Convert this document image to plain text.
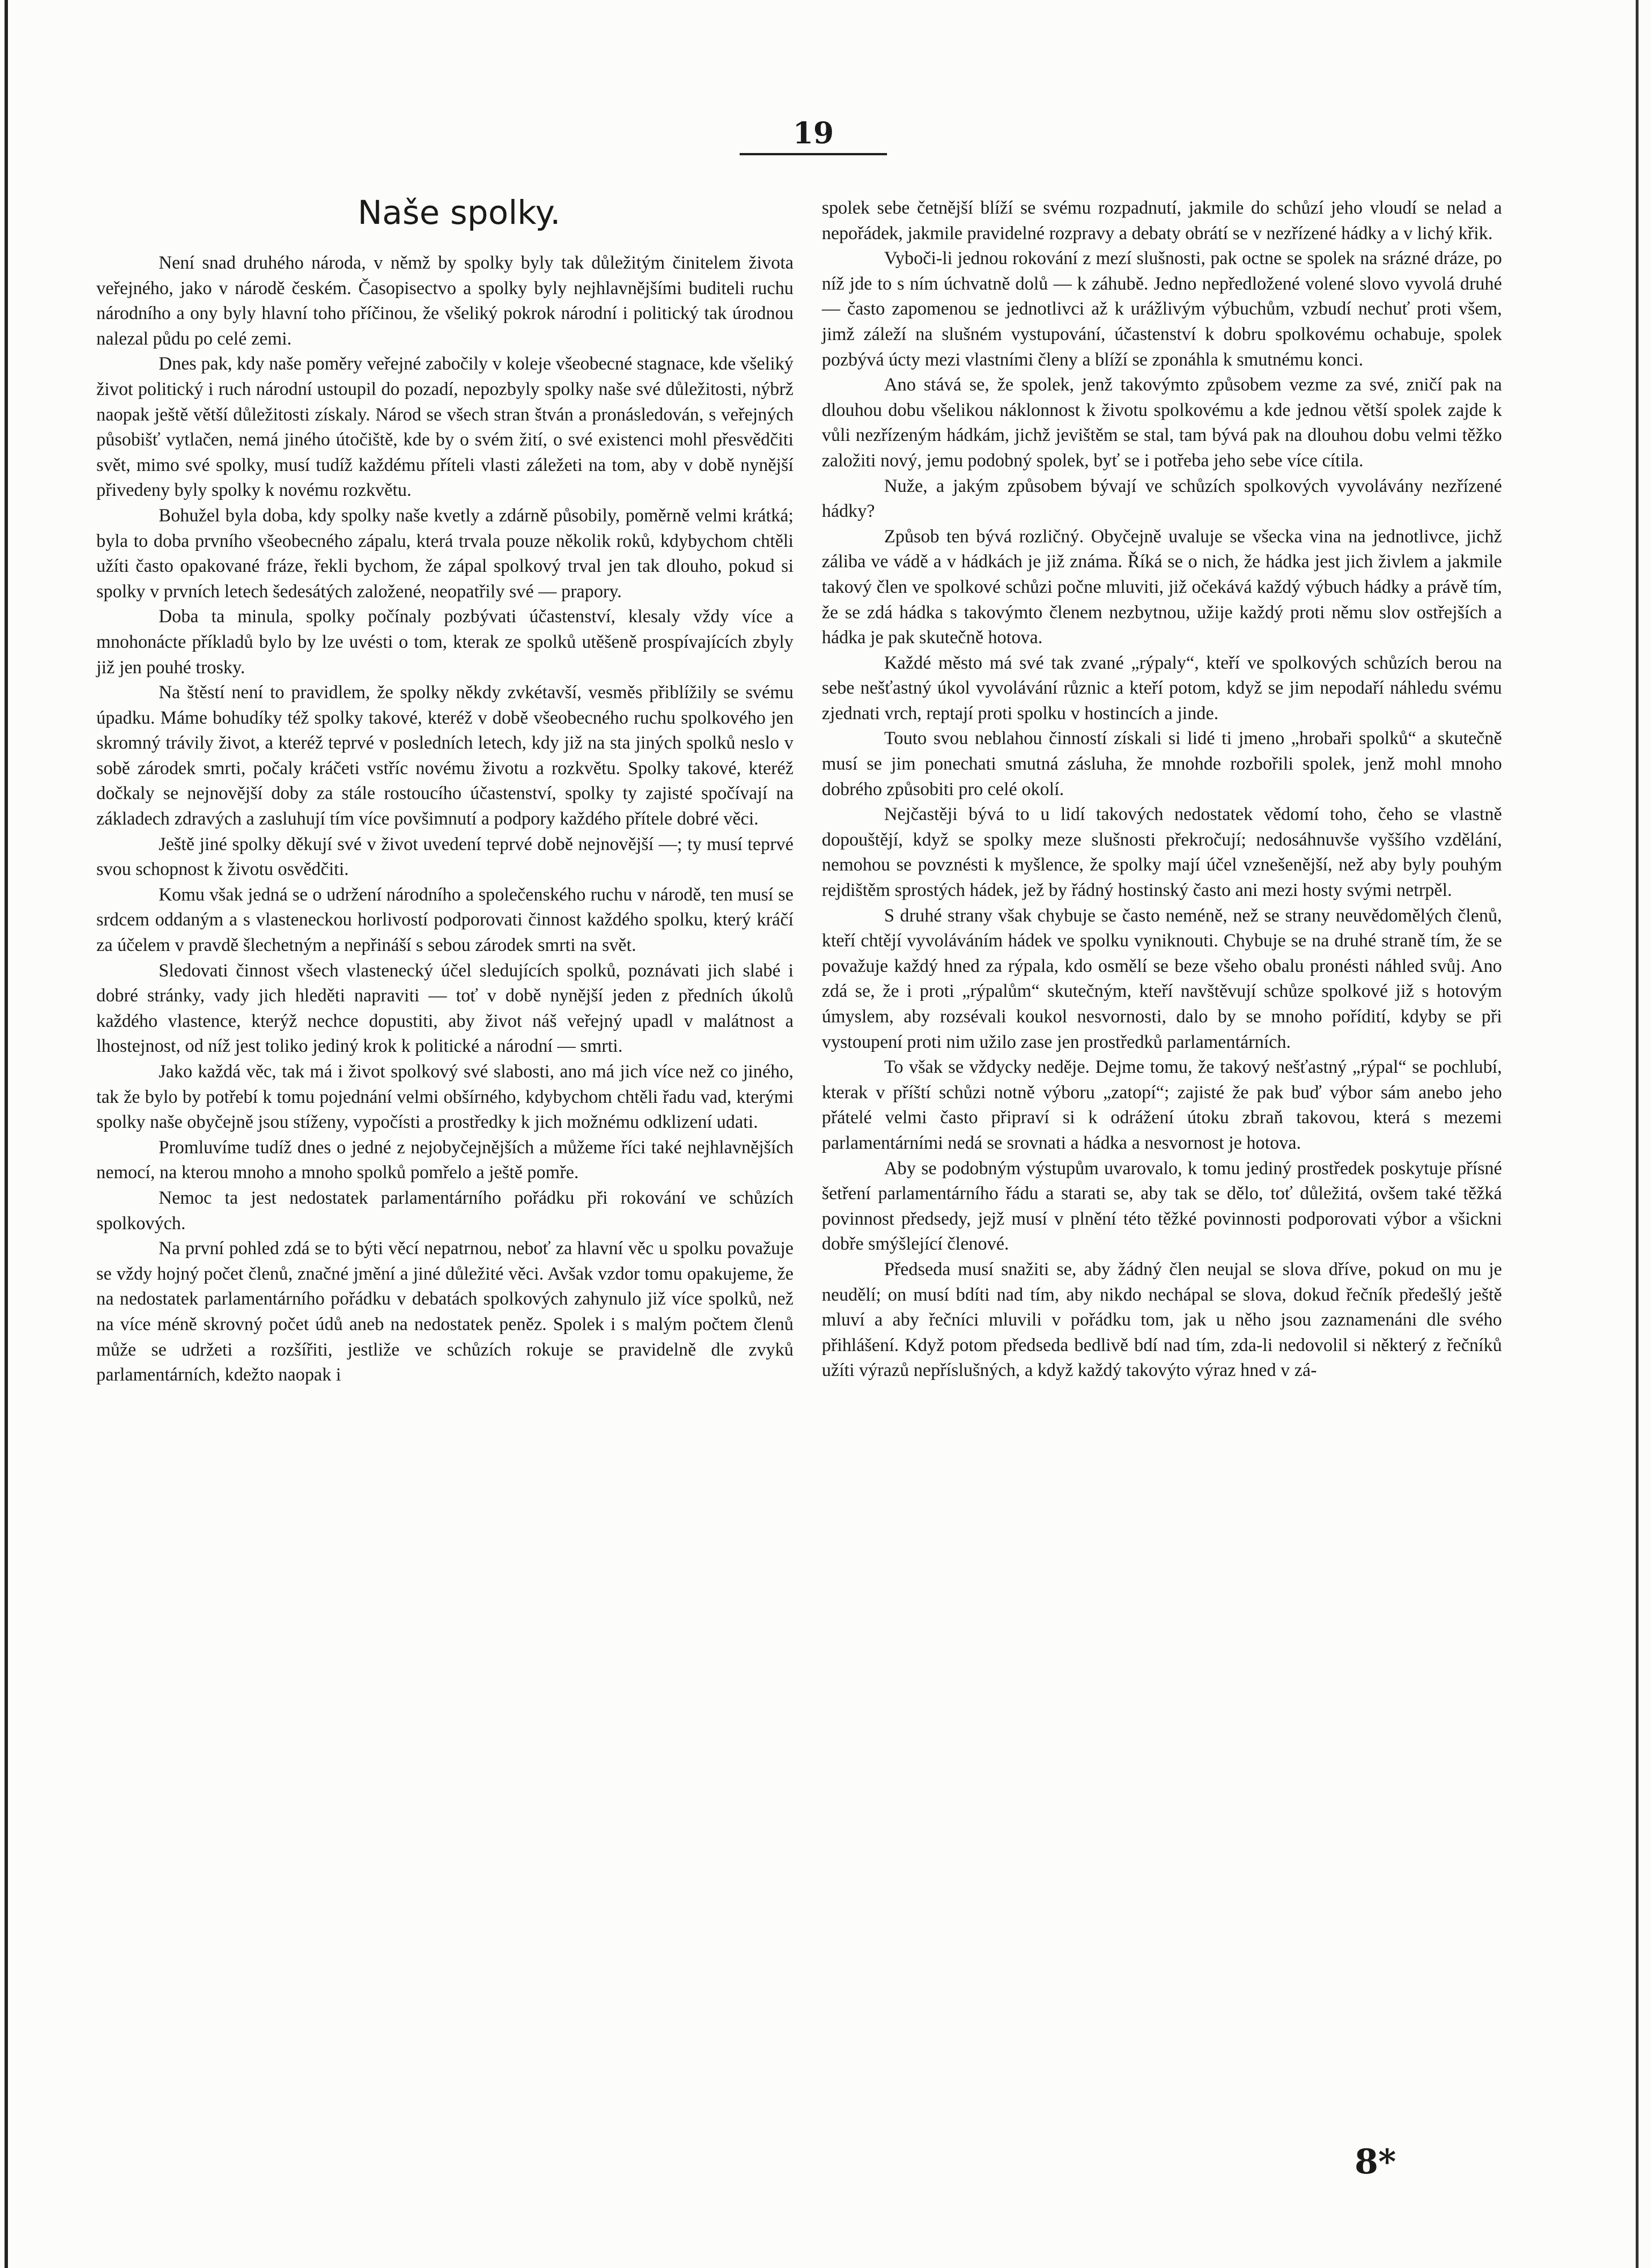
19
Naše spolky.

Není snad druhého národa, v němž by spolky byly tak důležitým činitelem života veřejného, jako v národě českém. Časopisectvo a spolky byly nejhlavnějšími buditeli ruchu národního a ony byly hlavní toho příčinou, že všeliký pokrok národní i politický tak úrodnou nalezal půdu po celé zemi.

Dnes pak, kdy naše poměry veřejné zabočily v koleje všeobecné stagnace, kde všeliký život politický i ruch národní ustoupil do pozadí, nepozbyly spolky naše své důležitosti, nýbrž naopak ještě větší důležitosti získaly. Národ se všech stran štván a pronásledován, s veřejných působišť vytlačen, nemá jiného útočiště, kde by o svém žití, o své existenci mohl přesvědčiti svět, mimo své spolky, musí tudíž každému příteli vlasti záležeti na tom, aby v době nynější přivedeny byly spolky k novému rozkvětu.

Bohužel byla doba, kdy spolky naše kvetly a zdárně působily, poměrně velmi krátká; byla to doba prvního všeobecného zápalu, která trvala pouze několik roků, kdybychom chtěli užíti často opakované fráze, řekli bychom, že zápal spolkový trval jen tak dlouho, pokud si spolky v prvních letech šedesátých založené, neopatřily své — prapory.

Doba ta minula, spolky počínaly pozbývati účastenství, klesaly vždy více a mnohonácte příkladů bylo by lze uvésti o tom, kterak ze spolků utěšeně prospívajících zbyly již jen pouhé trosky.

Na štěstí není to pravidlem, že spolky někdy zvkétavší, vesměs přiblížily se svému úpadku. Máme bohudíky též spolky takové, kteréž v době všeobecného ruchu spolkového jen skromný trávily život, a kteréž teprvé v posledních letech, kdy již na sta jiných spolků neslo v sobě zárodek smrti, počaly kráčeti vstříc novému životu a rozkvětu. Spolky takové, kteréž dočkaly se nejnovější doby za stále rostoucího účastenství, spolky ty zajisté spočívají na základech zdravých a zasluhují tím více povšimnutí a podpory každého přítele dobré věci.

Ještě jiné spolky děkují své v život uvedení teprvé době nejnovější —; ty musí teprvé svou schopnost k životu osvědčiti.

Komu však jedná se o udržení národního a společenského ruchu v národě, ten musí se srdcem oddaným a s vlasteneckou horlivostí podporovati činnost každého spolku, který kráčí za účelem v pravdě šlechetným a nepřináší s sebou zárodek smrti na svět.

Sledovati činnost všech vlastenecký účel sledujících spolků, poznávati jich slabé i dobré stránky, vady jich hleděti napraviti — toť v době nynější jeden z předních úkolů každého vlastence, kterýž nechce dopustiti, aby život náš veřejný upadl v malátnost a lhostejnost, od níž jest toliko jediný krok k politické a národní — smrti.

Jako každá věc, tak má i život spolkový své slabosti, ano má jich více než co jiného, tak že bylo by potřebí k tomu pojednání velmi obšírného, kdybychom chtěli řadu vad, kterými spolky naše obyčejně jsou stíženy, vypočísti a prostředky k jich možnému odklizení udati.

Promluvíme tudíž dnes o jedné z nejobyčejnějších a můžeme říci také nejhlavnějších nemocí, na kterou mnoho a mnoho spolků pomřelo a ještě pomře.

Nemoc ta jest nedostatek parlamentárního pořádku při rokování ve schůzích spolkových.

Na první pohled zdá se to býti věcí nepatrnou, neboť za hlavní věc u spolku považuje se vždy hojný počet členů, značné jmění a jiné důležité věci. Avšak vzdor tomu opakujeme, že na nedostatek parlamentárního pořádku v debatách spolkových zahynulo již více spolků, než na více méně skrovný počet údů aneb na nedostatek peněz. Spolek i s malým počtem členů může se udržeti a rozšířiti, jestliže ve schůzích rokuje se pravidelně dle zvyků parlamentárních, kdežto naopak i

spolek sebe četnější blíží se svému rozpadnutí, jakmile do schůzí jeho vloudí se nelad a nepořádek, jakmile pravidelné rozpravy a debaty obrátí se v nezřízené hádky a v lichý křik.

Vyboči-li jednou rokování z mezí slušnosti, pak octne se spolek na srázné dráze, po níž jde to s ním úchvatně dolů — k záhubě. Jedno nepředložené volené slovo vyvolá druhé — často zapomenou se jednotlivci až k urážlivým výbuchům, vzbudí nechuť proti všem, jimž záleží na slušném vystupování, účastenství k dobru spolkovému ochabuje, spolek pozbývá úcty mezi vlastními členy a blíží se zponáhla k smutnému konci.

Ano stává se, že spolek, jenž takovýmto způsobem vezme za své, zničí pak na dlouhou dobu všelikou náklonnost k životu spolkovému a kde jednou větší spolek zajde k vůli nezřízeným hádkám, jichž jevištěm se stal, tam bývá pak na dlouhou dobu velmi těžko založiti nový, jemu podobný spolek, byť se i potřeba jeho sebe více cítila.

Nuže, a jakým způsobem bývají ve schůzích spolkových vyvolávány nezřízené hádky?

Způsob ten bývá rozličný. Obyčejně uvaluje se všecka vina na jednotlivce, jichž záliba ve vádě a v hádkách je již známa. Říká se o nich, že hádka jest jich živlem a jakmile takový člen ve spolkové schůzi počne mluviti, již očekává každý výbuch hádky a právě tím, že se zdá hádka s takovýmto členem nezbytnou, užije každý proti němu slov ostřejších a hádka je pak skutečně hotova.

Každé město má své tak zvané „rýpaly“, kteří ve spolkových schůzích berou na sebe nešťastný úkol vyvolávání různic a kteří potom, když se jim nepodaří náhledu svému zjednati vrch, reptají proti spolku v hostincích a jinde.

Touto svou neblahou činností získali si lidé ti jmeno „hrobaři spolků“ a skutečně musí se jim ponechati smutná zásluha, že mnohde rozbořili spolek, jenž mohl mnoho dobrého způsobiti pro celé okolí.

Nejčastěji bývá to u lidí takových nedostatek vědomí toho, čeho se vlastně dopouštějí, když se spolky meze slušnosti překročují; nedosáhnuvše vyššího vzdělání, nemohou se povznésti k myšlence, že spolky mají účel vznešenější, než aby byly pouhým rejdištěm sprostých hádek, jež by řádný hostinský často ani mezi hosty svými netrpěl.

S druhé strany však chybuje se často neméně, než se strany neuvědomělých členů, kteří chtějí vyvoláváním hádek ve spolku vyniknouti. Chybuje se na druhé straně tím, že se považuje každý hned za rýpala, kdo osmělí se beze všeho obalu pronésti náhled svůj. Ano zdá se, že i proti „rýpalům“ skutečným, kteří navštěvují schůze spolkové již s hotovým úmyslem, aby rozsévali koukol nesvornosti, dalo by se mnoho pořídití, kdyby se při vystoupení proti nim užilo zase jen prostředků parlamentárních.

To však se vždycky neděje. Dejme tomu, že takový nešťastný „rýpal“ se pochlubí, kterak v příští schůzi notně výboru „zatopí“; zajisté že pak buď výbor sám anebo jeho přátelé velmi často připraví si k odrážení útoku zbraň takovou, která s mezemi parlamentárními nedá se srovnati a hádka a nesvornost je hotova.

Aby se podobným výstupům uvarovalo, k tomu jediný prostředek poskytuje přísné šetření parlamentárního řádu a starati se, aby tak se dělo, toť důležitá, ovšem také těžká povinnost předsedy, jejž musí v plnění této těžké povinnosti podporovati výbor a všickni dobře smýšlející členové.

Předseda musí snažiti se, aby žádný člen neujal se slova dříve, pokud on mu je neudělí; on musí bdíti nad tím, aby nikdo nechápal se slova, dokud řečník předešlý ještě mluví a aby řečníci mluvili v pořádku tom, jak u něho jsou zaznamenáni dle svého přihlášení. Když potom předseda bedlivě bdí nad tím, zda-li nedovolil si některý z řečníků užíti výrazů nepříslušných, a když každý takovýto výraz hned v zá-

8*
